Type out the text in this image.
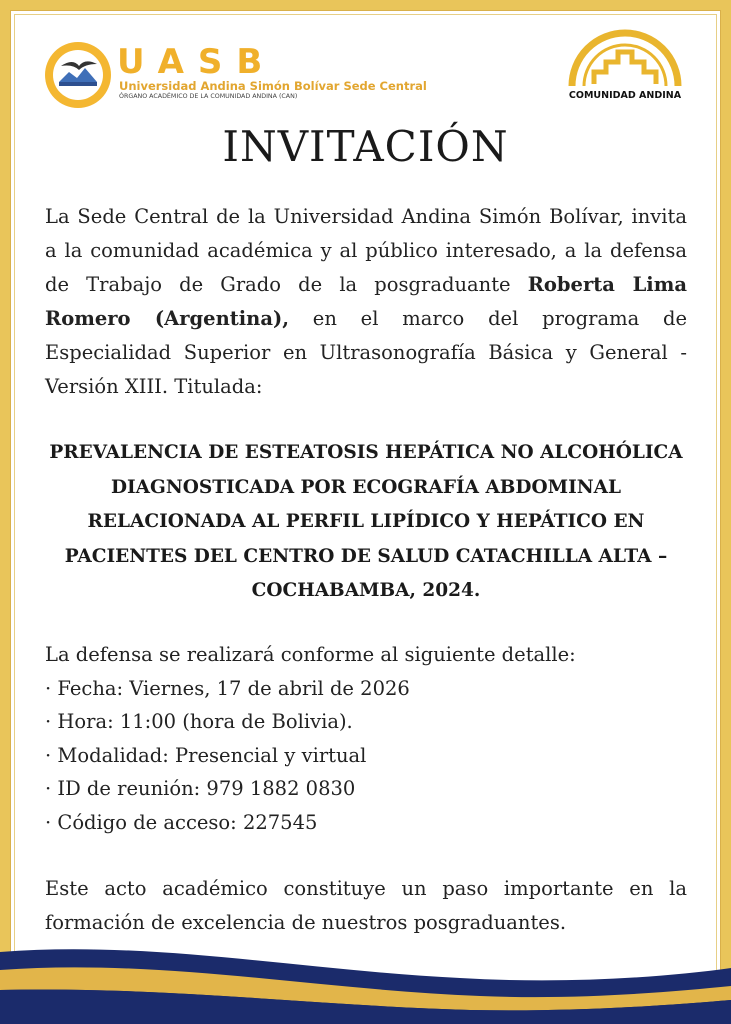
UASB
Universidad Andina Simón Bolívar Sede Central
ÓRGANO ACADÉMICO DE LA COMUNIDAD ANDINA (CAN)	COMUNIDAD ANDINA
INVITACIÓN
La Sede Central de la Universidad Andina Simón Bolívar, invita a la comunidad académica y al público interesado, a la defensa de Trabajo de Grado de la posgraduante Roberta Lima Romero (Argentina), en el marco del programa de Especialidad Superior en Ultrasonografía Básica y General - Versión XIII. Titulada:
PREVALENCIA DE ESTEATOSIS HEPÁTICA NO ALCOHÓLICA DIAGNOSTICADA POR ECOGRAFÍA ABDOMINAL RELACIONADA AL PERFIL LIPÍDICO Y HEPÁTICO EN PACIENTES DEL CENTRO DE SALUD CATACHILLA ALTA – COCHABAMBA, 2024.
La defensa se realizará conforme al siguiente detalle:
· Fecha: Viernes, 17 de abril de 2026
· Hora: 11:00 (hora de Bolivia).
· Modalidad: Presencial y virtual
· ID de reunión: 979 1882 0830
· Código de acceso: 227545
Este acto académico constituye un paso importante en la formación de excelencia de nuestros posgraduantes.
